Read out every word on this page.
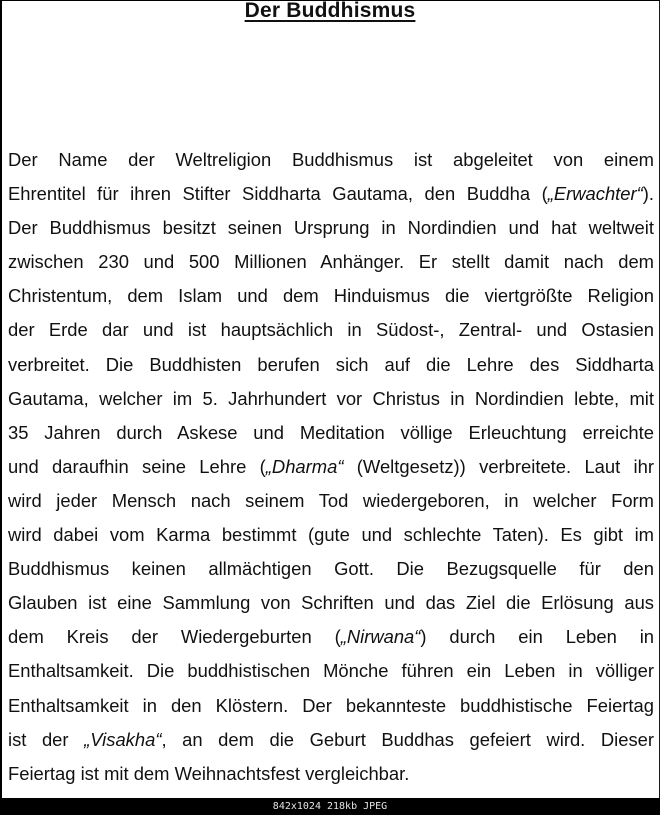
Der Buddhismus
Der Name der Weltreligion Buddhismus ist abgeleitet von einem
Ehrentitel für ihren Stifter Siddharta Gautama, den Buddha („Erwachter“).
Der Buddhismus besitzt seinen Ursprung in Nordindien und hat weltweit
zwischen 230 und 500 Millionen Anhänger. Er stellt damit nach dem
Christentum, dem Islam und dem Hinduismus die viertgrößte Religion
der Erde dar und ist hauptsächlich in Südost-, Zentral- und Ostasien
verbreitet. Die Buddhisten berufen sich auf die Lehre des Siddharta
Gautama, welcher im 5. Jahrhundert vor Christus in Nordindien lebte, mit
35 Jahren durch Askese und Meditation völlige Erleuchtung erreichte
und daraufhin seine Lehre („Dharma“ (Weltgesetz)) verbreitete. Laut ihr
wird jeder Mensch nach seinem Tod wiedergeboren, in welcher Form
wird dabei vom Karma bestimmt (gute und schlechte Taten). Es gibt im
Buddhismus keinen allmächtigen Gott. Die Bezugsquelle für den
Glauben ist eine Sammlung von Schriften und das Ziel die Erlösung aus
dem Kreis der Wiedergeburten („Nirwana“) durch ein Leben in
Enthaltsamkeit. Die buddhistischen Mönche führen ein Leben in völliger
Enthaltsamkeit in den Klöstern. Der bekannteste buddhistische Feiertag
ist der „Visakha“, an dem die Geburt Buddhas gefeiert wird. Dieser
Feiertag ist mit dem Weihnachtsfest vergleichbar.
842x1024 218kb JPEG
